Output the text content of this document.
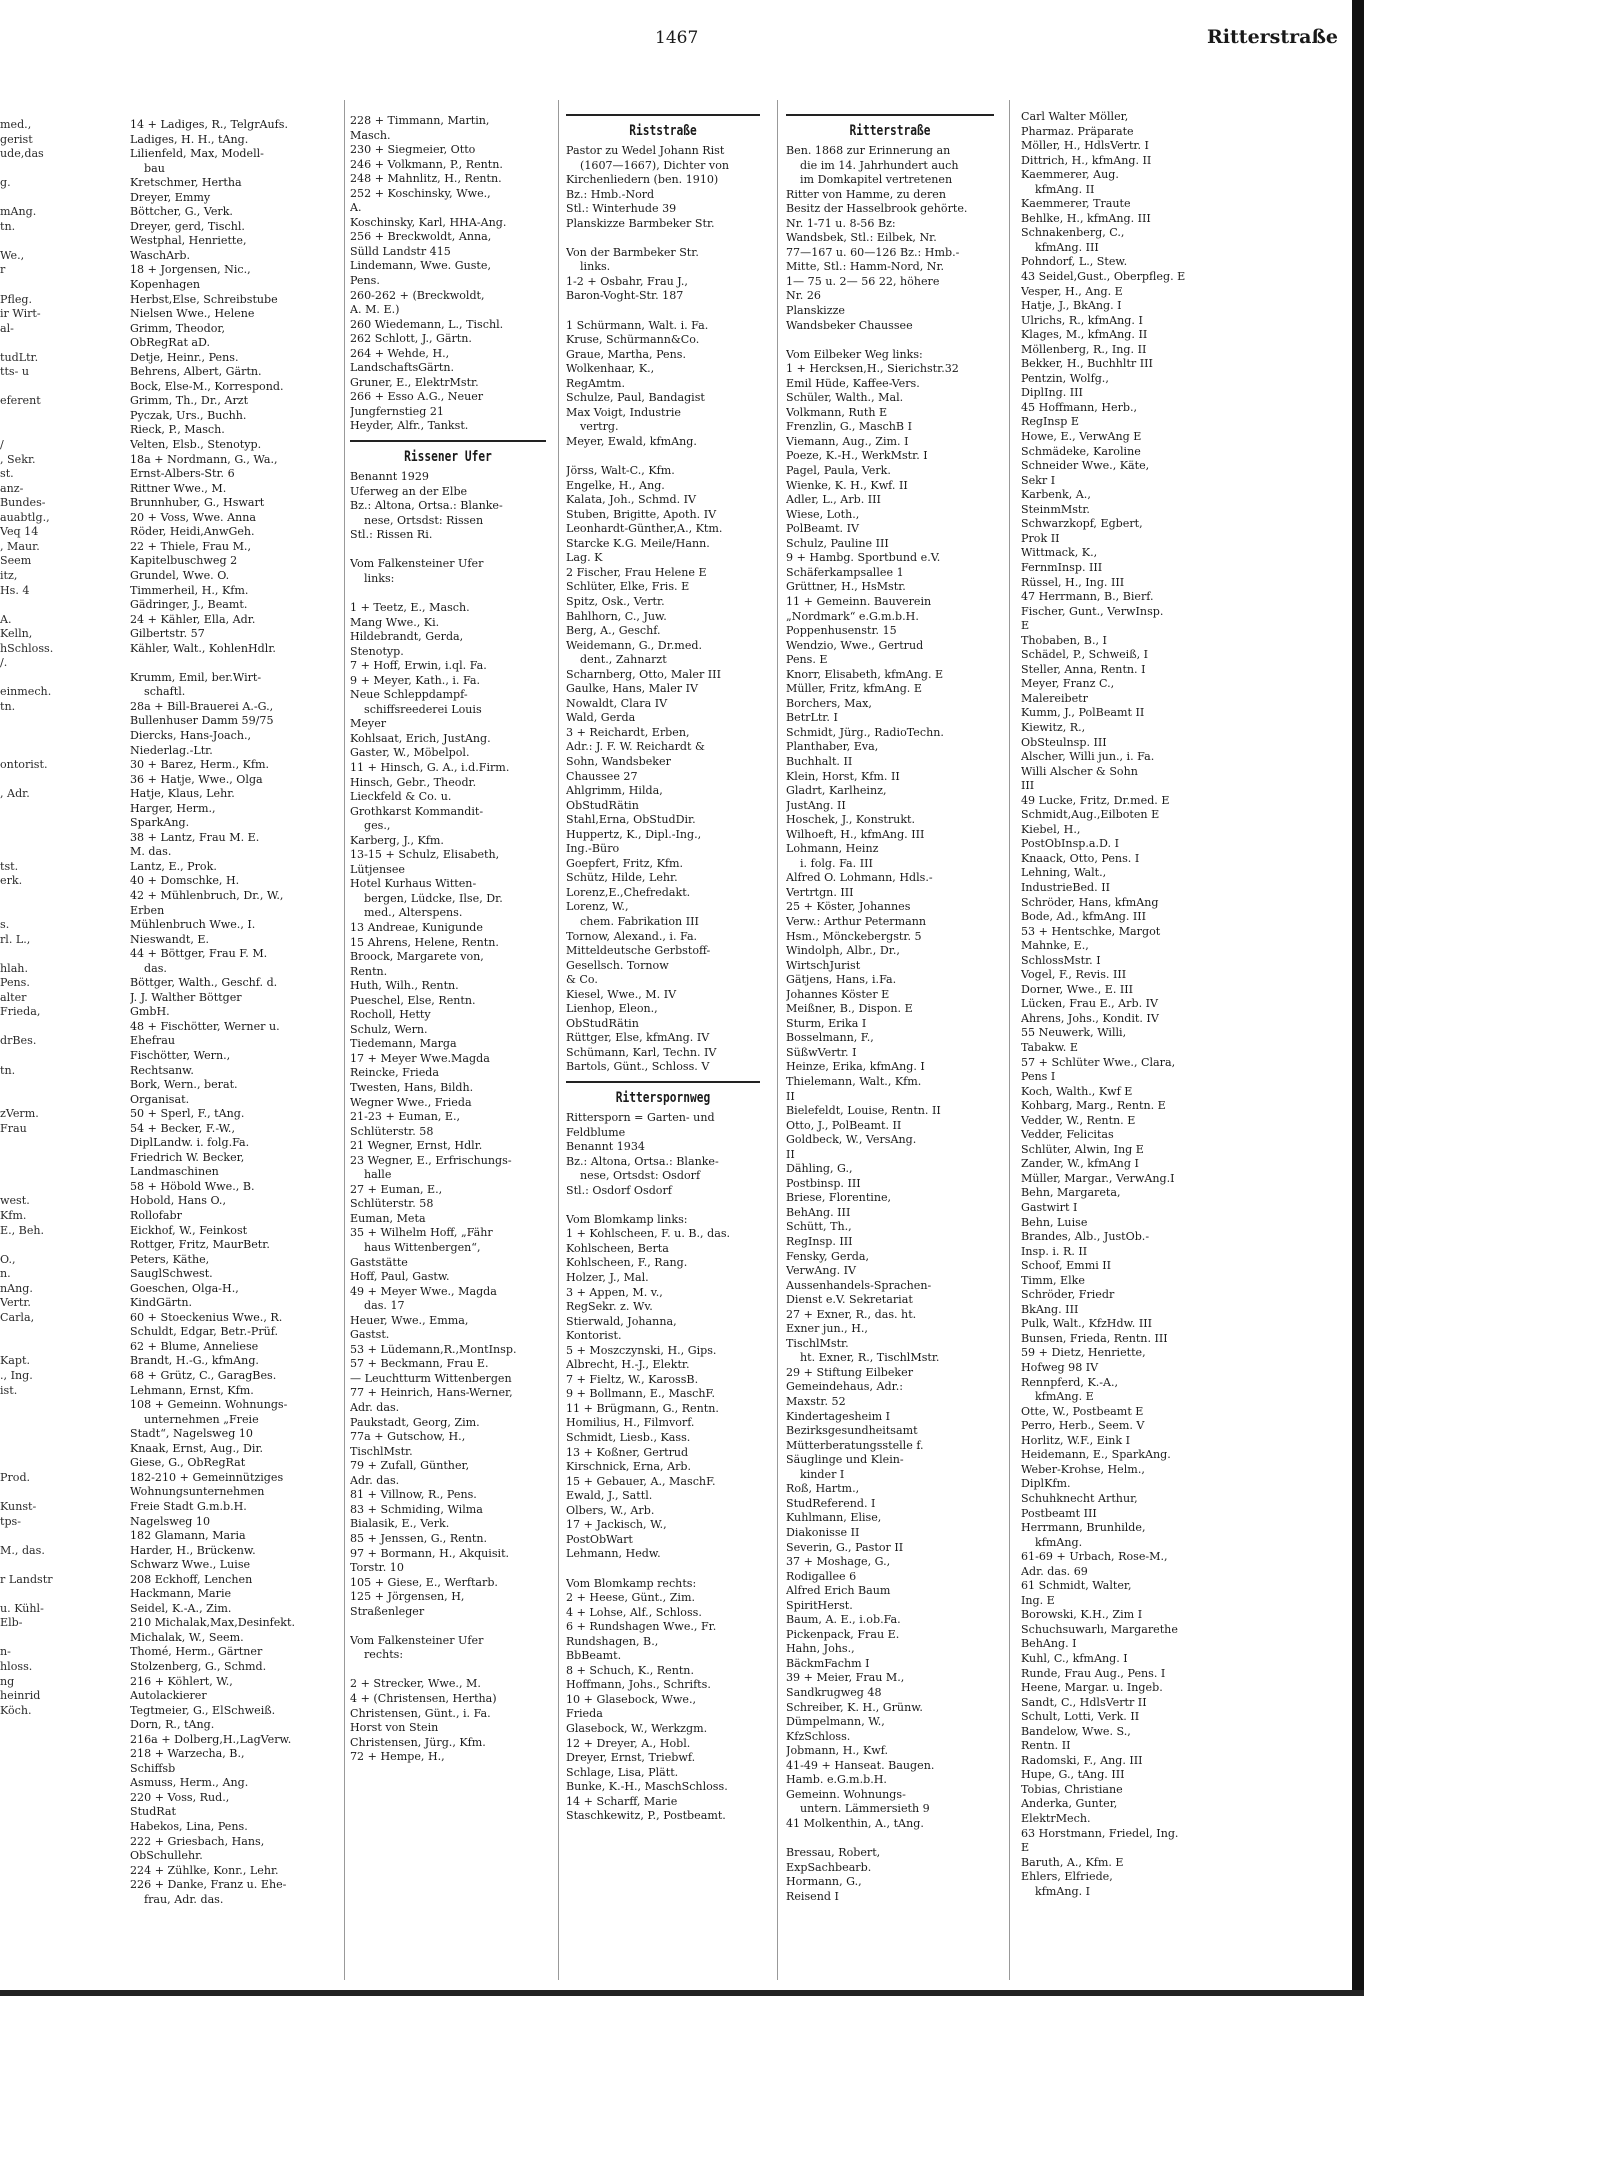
1467	Ritterstraße
med.,
gerist
ude,das

g.

mAng.
tn.

We.,
r

Pfleg.
ir Wirt-
al-

tudLtr.
tts- u

eferent

/
, Sekr.
st.
anz-
Bundes-
auabtlg.,
Veq 14
, Maur.
Seem
itz,
Hs. 4

A.
Kelln,
hSchloss.
/.

einmech.
tn.

ontorist.

, Adr.

tst.
erk.

s.
rl. L.,

hlah.
Pens.
alter
Frieda,

drBes.

tn.

zVerm.
Frau

west.
Kfm.
E., Beh.

O.,
n.
nAng.
Vertr.
Carla,

Kapt.
., Ing.
ist.

Prod.

Kunst-
tps-

M., das.

r Landstr

u. Kühl-
Elb-

n-
hloss.
ng
heinrid
Köch.
14 + Ladiges, R., TelgrAufs.
Ladiges, H. H., tAng.
Lilienfeld, Max, Modell-
bau
Kretschmer, Hertha
Dreyer, Emmy
Böttcher, G., Verk.
Dreyer, gerd, Tischl.
Westphal, Henriette,
WaschArb.
18 + Jorgensen, Nic.,
Kopenhagen
Herbst,Else, Schreibstube
Nielsen Wwe., Helene
Grimm, Theodor,
ObRegRat aD.
Detje, Heinr., Pens.
Behrens, Albert, Gärtn.
Bock, Else-M., Korrespond.
Grimm, Th., Dr., Arzt
Pyczak, Urs., Buchh.
Rieck, P., Masch.
Velten, Elsb., Stenotyp.
18a + Nordmann, G., Wa.,
Ernst-Albers-Str. 6
Rittner Wwe., M.
Brunnhuber, G., Hswart
20 + Voss, Wwe. Anna
Röder, Heidi,AnwGeh.
22 + Thiele, Frau M.,
Kapitelbuschweg 2
Grundel, Wwe. O.
Timmerheil, H., Kfm.
Gädringer, J., Beamt.
24 + Kähler, Ella, Adr.
Gilbertstr. 57
Kähler, Walt., KohlenHdlr.

Krumm, Emil, ber.Wirt-
schaftl.
28a + Bill-Brauerei A.-G.,
Bullenhuser Damm 59/75
Diercks, Hans-Joach.,
Niederlag.-Ltr.
30 + Barez, Herm., Kfm.
36 + Hatje, Wwe., Olga
Hatje, Klaus, Lehr.
Harger, Herm.,
SparkAng.
38 + Lantz, Frau M. E.
M. das.
Lantz, E., Prok.
40 + Domschke, H.
42 + Mühlenbruch, Dr., W.,
Erben
Mühlenbruch Wwe., I.
Nieswandt, E.
44 + Böttger, Frau F. M.
das.
Böttger, Walth., Geschf. d.
J. J. Walther Böttger
GmbH.
48 + Fischötter, Werner u.
Ehefrau
Fischötter, Wern.,
Rechtsanw.
Bork, Wern., berat.
Organisat.
50 + Sperl, F., tAng.
54 + Becker, F.-W.,
DiplLandw. i. folg.Fa.
Friedrich W. Becker,
Landmaschinen
58 + Höbold Wwe., B.
Hobold, Hans O.,
Rollofabr
Eickhof, W., Feinkost
Rottger, Fritz, MaurBetr.
Peters, Käthe,
SauglSchwest.
Goeschen, Olga-H.,
KindGärtn.
60 + Stoeckenius Wwe., R.
Schuldt, Edgar, Betr.-Prüf.
62 + Blume, Anneliese
Brandt, H.-G., kfmAng.
68 + Grütz, C., GaragBes.
Lehmann, Ernst, Kfm.
108 + Gemeinn. Wohnungs-
unternehmen „Freie
Stadt“, Nagelsweg 10
Knaak, Ernst, Aug., Dir.
Giese, G., ObRegRat
182-210 + Gemeinnütziges
Wohnungsunternehmen
Freie Stadt G.m.b.H.
Nagelsweg 10
182 Glamann, Maria
Harder, H., Brückenw.
Schwarz Wwe., Luise
208 Eckhoff, Lenchen
Hackmann, Marie
Seidel, K.-A., Zim.
210 Michalak,Max,Desinfekt.
Michalak, W., Seem.
Thomé, Herm., Gärtner
Stolzenberg, G., Schmd.
216 + Köhlert, W.,
Autolackierer
Tegtmeier, G., ElSchweiß.
Dorn, R., tAng.
216a + Dolberg,H.,LagVerw.
218 + Warzecha, B.,
Schiffsb
Asmuss, Herm., Ang.
220 + Voss, Rud.,
StudRat
Habekos, Lina, Pens.
222 + Griesbach, Hans,
ObSchullehr.
224 + Zühlke, Konr., Lehr.
226 + Danke, Franz u. Ehe-
frau, Adr. das.
228 + Timmann, Martin,
Masch.
230 + Siegmeier, Otto
246 + Volkmann, P., Rentn.
248 + Mahnlitz, H., Rentn.
252 + Koschinsky, Wwe.,
A.
Koschinsky, Karl, HHA-Ang.
256 + Breckwoldt, Anna,
Sülld Landstr 415
Lindemann, Wwe. Guste,
Pens.
260-262 + (Breckwoldt,
A. M. E.)
260 Wiedemann, L., Tischl.
262 Schlott, J., Gärtn.
264 + Wehde, H.,
LandschaftsGärtn.
Gruner, E., ElektrMstr.
266 + Esso A.G., Neuer
Jungfernstieg 21
Heyder, Alfr., Tankst.
Rissener Ufer
Benannt 1929
Uferweg an der Elbe
Bz.: Altona, Ortsa.: Blanke-
nese, Ortsdst: Rissen
Stl.: Rissen Ri.

Vom Falkensteiner Ufer
links:

1 + Teetz, E., Masch.
Mang Wwe., Ki.
Hildebrandt, Gerda,
Stenotyp.
7 + Hoff, Erwin, i.ql. Fa.
9 + Meyer, Kath., i. Fa.
Neue Schleppdampf-
schiffsreederei Louis
Meyer
Kohlsaat, Erich, JustAng.
Gaster, W., Möbelpol.
11 + Hinsch, G. A., i.d.Firm.
Hinsch, Gebr., Theodr.
Lieckfeld & Co. u.
Grothkarst Kommandit-
ges.,
Karberg, J., Kfm.
13-15 + Schulz, Elisabeth,
Lütjensee
Hotel Kurhaus Witten-
bergen, Lüdcke, Ilse, Dr.
med., Alterspens.
13 Andreae, Kunigunde
15 Ahrens, Helene, Rentn.
Broock, Margarete von,
Rentn.
Huth, Wilh., Rentn.
Pueschel, Else, Rentn.
Rocholl, Hetty
Schulz, Wern.
Tiedemann, Marga
17 + Meyer Wwe.Magda
Reincke, Frieda
Twesten, Hans, Bildh.
Wegner Wwe., Frieda
21-23 + Euman, E.,
Schlüterstr. 58
21 Wegner, Ernst, Hdlr.
23 Wegner, E., Erfrischungs-
halle
27 + Euman, E.,
Schlüterstr. 58
Euman, Meta
35 + Wilhelm Hoff, „Fähr
haus Wittenbergen“,
Gaststätte
Hoff, Paul, Gastw.
49 + Meyer Wwe., Magda
das. 17
Heuer, Wwe., Emma,
Gastst.
53 + Lüdemann,R.,MontInsp.
57 + Beckmann, Frau E.
— Leuchtturm Wittenbergen
77 + Heinrich, Hans-Werner,
Adr. das.
Paukstadt, Georg, Zim.
77a + Gutschow, H.,
TischlMstr.
79 + Zufall, Günther,
Adr. das.
81 + Villnow, R., Pens.
83 + Schmiding, Wilma
Bialasik, E., Verk.
85 + Jenssen, G., Rentn.
97 + Bormann, H., Akquisit.
Torstr. 10
105 + Giese, E., Werftarb.
125 + Jörgensen, H,
Straßenleger

Vom Falkensteiner Ufer
rechts:

2 + Strecker, Wwe., M.
4 + (Christensen, Hertha)
Christensen, Günt., i. Fa.
Horst von Stein
Christensen, Jürg., Kfm.
72 + Hempe, H.,
Riststraße
Pastor zu Wedel Johann Rist
(1607—1667), Dichter von
Kirchenliedern (ben. 1910)
Bz.: Hmb.-Nord
Stl.: Winterhude 39
Planskizze Barmbeker Str.

Von der Barmbeker Str.
links.
1-2 + Osbahr, Frau J.,
Baron-Voght-Str. 187

1 Schürmann, Walt. i. Fa.
Kruse, Schürmann&Co.
Graue, Martha, Pens.
Wolkenhaar, K.,
RegAmtm.
Schulze, Paul, Bandagist
Max Voigt, Industrie
vertrg.
Meyer, Ewald, kfmAng.

Jörss, Walt-C., Kfm.
Engelke, H., Ang.
Kalata, Joh., Schmd. IV
Stuben, Brigitte, Apoth. IV
Leonhardt-Günther,A., Ktm.
Starcke K.G. Meile/Hann.
Lag. K
2 Fischer, Frau Helene E
Schlüter, Elke, Fris. E
Spitz, Osk., Vertr.
Bahlhorn, C., Juw.
Berg, A., Geschf.
Weidemann, G., Dr.med.
dent., Zahnarzt
Scharnberg, Otto, Maler III
Gaulke, Hans, Maler IV
Nowaldt, Clara IV
Wald, Gerda
3 + Reichardt, Erben,
Adr.: J. F. W. Reichardt &
Sohn, Wandsbeker
Chaussee 27
Ahlgrimm, Hilda,
ObStudRätin
Stahl,Erna, ObStudDir.
Huppertz, K., Dipl.-Ing.,
Ing.-Büro
Goepfert, Fritz, Kfm.
Schütz, Hilde, Lehr.
Lorenz,E.,Chefredakt.
Lorenz, W.,
chem. Fabrikation III
Tornow, Alexand., i. Fa.
Mitteldeutsche Gerbstoff-
Gesellsch. Tornow
& Co.
Kiesel, Wwe., M. IV
Lienhop, Eleon.,
ObStudRätin
Rüttger, Else, kfmAng. IV
Schümann, Karl, Techn. IV
Bartols, Günt., Schloss. V
Ritterspornweg
Rittersporn = Garten- und
Feldblume
Benannt 1934
Bz.: Altona, Ortsa.: Blanke-
nese, Ortsdst: Osdorf
Stl.: Osdorf Osdorf

Vom Blomkamp links:
1 + Kohlscheen, F. u. B., das.
Kohlscheen, Berta
Kohlscheen, F., Rang.
Holzer, J., Mal.
3 + Appen, M. v.,
RegSekr. z. Wv.
Stierwald, Johanna,
Kontorist.
5 + Moszczynski, H., Gips.
Albrecht, H.-J., Elektr.
7 + Fieltz, W., KarossB.
9 + Bollmann, E., MaschF.
11 + Brügmann, G., Rentn.
Homilius, H., Filmvorf.
Schmidt, Liesb., Kass.
13 + Koßner, Gertrud
Kirschnick, Erna, Arb.
15 + Gebauer, A., MaschF.
Ewald, J., Sattl.
Olbers, W., Arb.
17 + Jackisch, W.,
PostObWart
Lehmann, Hedw.

Vom Blomkamp rechts:
2 + Heese, Günt., Zim.
4 + Lohse, Alf., Schloss.
6 + Rundshagen Wwe., Fr.
Rundshagen, B.,
BbBeamt.
8 + Schuch, K., Rentn.
Hoffmann, Johs., Schrifts.
10 + Glasebock, Wwe.,
Frieda
Glasebock, W., Werkzgm.
12 + Dreyer, A., Hobl.
Dreyer, Ernst, Triebwf.
Schlage, Lisa, Plätt.
Bunke, K.-H., MaschSchloss.
14 + Scharff, Marie
Staschkewitz, P., Postbeamt.
Ritterstraße
Ben. 1868 zur Erinnerung an
die im 14. Jahrhundert auch
im Domkapitel vertretenen
Ritter von Hamme, zu deren
Besitz der Hasselbrook gehörte.
Nr. 1-71 u. 8-56 Bz:
Wandsbek, Stl.: Eilbek, Nr.
77—167 u. 60—126 Bz.: Hmb.-
Mitte, Stl.: Hamm-Nord, Nr.
1— 75 u. 2— 56 22, höhere
Nr. 26
Planskizze
Wandsbeker Chaussee

Vom Eilbeker Weg links:
1 + Hercksen,H., Sierichstr.32
Emil Hüde, Kaffee-Vers.
Schüler, Walth., Mal.
Volkmann, Ruth E
Frenzlin, G., MaschB I
Viemann, Aug., Zim. I
Poeze, K.-H., WerkMstr. I
Pagel, Paula, Verk.
Wienke, K. H., Kwf. II
Adler, L., Arb. III
Wiese, Loth.,
PolBeamt. IV
Schulz, Pauline III
9 + Hambg. Sportbund e.V.
Schäferkampsallee 1
Grüttner, H., HsMstr.
11 + Gemeinn. Bauverein
„Nordmark“ e.G.m.b.H.
Poppenhusenstr. 15
Wendzio, Wwe., Gertrud
Pens. E
Knorr, Elisabeth, kfmAng. E
Müller, Fritz, kfmAng. E
Borchers, Max,
BetrLtr. I
Schmidt, Jürg., RadioTechn.
Planthaber, Eva,
Buchhalt. II
Klein, Horst, Kfm. II
Gladrt, Karlheinz,
JustAng. II
Hoschek, J., Konstrukt.
Wilhoeft, H., kfmAng. III
Lohmann, Heinz
i. folg. Fa. III
Alfred O. Lohmann, Hdls.-
Vertrtgn. III
25 + Köster, Johannes
Verw.: Arthur Petermann
Hsm., Mönckebergstr. 5
Windolph, Albr., Dr.,
WirtschJurist
Gätjens, Hans, i.Fa.
Johannes Köster E
Meißner, B., Dispon. E
Sturm, Erika I
Bosselmann, F.,
SüßwVertr. I
Heinze, Erika, kfmAng. I
Thielemann, Walt., Kfm.
II
Bielefeldt, Louise, Rentn. II
Otto, J., PolBeamt. II
Goldbeck, W., VersAng.
II
Dähling, G.,
Postbinsp. III
Briese, Florentine,
BehAng. III
Schütt, Th.,
RegInsp. III
Fensky, Gerda,
VerwAng. IV
Aussenhandels-Sprachen-
Dienst e.V. Sekretariat
27 + Exner, R., das. ht.
Exner jun., H.,
TischlMstr.
ht. Exner, R., TischlMstr.
29 + Stiftung Eilbeker
Gemeindehaus, Adr.:
Maxstr. 52
Kindertagesheim I
Bezirksgesundheitsamt
Mütterberatungsstelle f.
Säuglinge und Klein-
kinder I
Roß, Hartm.,
StudReferend. I
Kuhlmann, Elise,
Diakonisse II
Severin, G., Pastor II
37 + Moshage, G.,
Rodigallee 6
Alfred Erich Baum
SpiritHerst.
Baum, A. E., i.ob.Fa.
Pickenpack, Frau E.
Hahn, Johs.,
BäckmFachm I
39 + Meier, Frau M.,
Sandkrugweg 48
Schreiber, K. H., Grünw.
Dümpelmann, W.,
KfzSchloss.
Jobmann, H., Kwf.
41-49 + Hanseat. Baugen.
Hamb. e.G.m.b.H.
Gemeinn. Wohnungs-
untern. Lämmersieth 9
41 Molkenthin, A., tAng.

Bressau, Robert,
ExpSachbearb.
Hormann, G.,
Reisend I
Carl Walter Möller,
Pharmaz. Präparate
Möller, H., HdlsVertr. I
Dittrich, H., kfmAng. II
Kaemmerer, Aug.
kfmAng. II
Kaemmerer, Traute
Behlke, H., kfmAng. III
Schnakenberg, C.,
kfmAng. III
Pohndorf, L., Stew.
43 Seidel,Gust., Oberpfleg. E
Vesper, H., Ang. E
Hatje, J., BkAng. I
Ulrichs, R., kfmAng. I
Klages, M., kfmAng. II
Möllenberg, R., Ing. II
Bekker, H., Buchhltr III
Pentzin, Wolfg.,
DiplIng. III
45 Hoffmann, Herb.,
RegInsp E
Howe, E., VerwAng E
Schmädeke, Karoline
Schneider Wwe., Käte,
Sekr I
Karbenk, A.,
SteinmMstr.
Schwarzkopf, Egbert,
Prok II
Wittmack, K.,
FernmInsp. III
Rüssel, H., Ing. III
47 Herrmann, B., Bierf.
Fischer, Gunt., VerwInsp.
E
Thobaben, B., I
Schädel, P., Schweiß, I
Steller, Anna, Rentn. I
Meyer, Franz C.,
Malereibetr
Kumm, J., PolBeamt II
Kiewitz, R.,
ObSteulnsp. III
Alscher, Willi jun., i. Fa.
Willi Alscher & Sohn
III
49 Lucke, Fritz, Dr.med. E
Schmidt,Aug.,Eilboten E
Kiebel, H.,
PostObInsp.a.D. I
Knaack, Otto, Pens. I
Lehning, Walt.,
IndustrieBed. II
Schröder, Hans, kfmAng
Bode, Ad., kfmAng. III
53 + Hentschke, Margot
Mahnke, E.,
SchlossMstr. I
Vogel, F., Revis. III
Dorner, Wwe., E. III
Lücken, Frau E., Arb. IV
Ahrens, Johs., Kondit. IV
55 Neuwerk, Willi,
Tabakw. E
57 + Schlüter Wwe., Clara,
Pens I
Koch, Walth., Kwf E
Kohbarg, Marg., Rentn. E
Vedder, W., Rentn. E
Vedder, Felicitas
Schlüter, Alwin, Ing E
Zander, W., kfmAng I
Müller, Margar., VerwAng.I
Behn, Margareta,
Gastwirt I
Behn, Luise
Brandes, Alb., JustOb.-
Insp. i. R. II
Schoof, Emmi II
Timm, Elke
Schröder, Friedr
BkAng. III
Pulk, Walt., KfzHdw. III
Bunsen, Frieda, Rentn. III
59 + Dietz, Henriette,
Hofweg 98 IV
Rennpferd, K.-A.,
kfmAng. E
Otte, W., Postbeamt E
Perro, Herb., Seem. V
Horlitz, W.F., Eink I
Heidemann, E., SparkAng.
Weber-Krohse, Helm.,
DiplKfm.
Schuhknecht Arthur,
Postbeamt III
Herrmann, Brunhilde,
kfmAng.
61-69 + Urbach, Rose-M.,
Adr. das. 69
61 Schmidt, Walter,
Ing. E
Borowski, K.H., Zim I
Schuchsuwarlı, Margarethe
BehAng. I
Kuhl, C., kfmAng. I
Runde, Frau Aug., Pens. I
Heene, Margar. u. Ingeb.
Sandt, C., HdlsVertr II
Schult, Lotti, Verk. II
Bandelow, Wwe. S.,
Rentn. II
Radomski, F., Ang. III
Hupe, G., tAng. III
Tobias, Christiane
Anderka, Gunter,
ElektrMech.
63 Horstmann, Friedel, Ing.
E
Baruth, A., Kfm. E
Ehlers, Elfriede,
kfmAng. I
